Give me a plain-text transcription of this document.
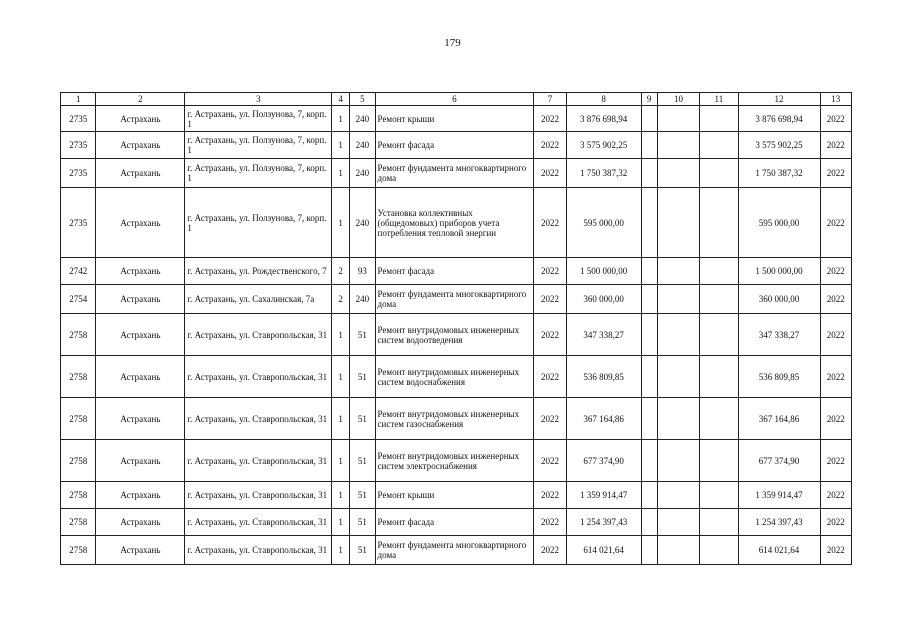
179
1	2	3	4	5	6	7	8	9	10	11	12	13
2735	Астрахань	г. Астрахань, ул. Ползунова, 7, корп. 1	1	240	Ремонт крыши	2022	3 876 698,94				3 876 698,94	2022
2735	Астрахань	г. Астрахань, ул. Ползунова, 7, корп. 1	1	240	Ремонт фасада	2022	3 575 902,25				3 575 902,25	2022
2735	Астрахань	г. Астрахань, ул. Ползунова, 7, корп. 1	1	240	Ремонт фундамента многоквартирного дома	2022	1 750 387,32				1 750 387,32	2022
2735	Астрахань	г. Астрахань, ул. Ползунова, 7, корп. 1	1	240	Установка коллективных (общедомовых) приборов учета потребления тепловой энергии	2022	595 000,00				595 000,00	2022
2742	Астрахань	г. Астрахань, ул. Рождественского, 7	2	93	Ремонт фасада	2022	1 500 000,00				1 500 000,00	2022
2754	Астрахань	г. Астрахань, ул. Сахалинская, 7а	2	240	Ремонт фундамента многоквартирного дома	2022	360 000,00				360 000,00	2022
2758	Астрахань	г. Астрахань, ул. Ставропольская, 31	1	51	Ремонт внутридомовых инженерных систем водоотведения	2022	347 338,27				347 338,27	2022
2758	Астрахань	г. Астрахань, ул. Ставропольская, 31	1	51	Ремонт внутридомовых инженерных систем водоснабжения	2022	536 809,85				536 809,85	2022
2758	Астрахань	г. Астрахань, ул. Ставропольская, 31	1	51	Ремонт внутридомовых инженерных систем газоснабжения	2022	367 164,86				367 164,86	2022
2758	Астрахань	г. Астрахань, ул. Ставропольская, 31	1	51	Ремонт внутридомовых инженерных систем электроснабжения	2022	677 374,90				677 374,90	2022
2758	Астрахань	г. Астрахань, ул. Ставропольская, 31	1	51	Ремонт крыши	2022	1 359 914,47				1 359 914,47	2022
2758	Астрахань	г. Астрахань, ул. Ставропольская, 31	1	51	Ремонт фасада	2022	1 254 397,43				1 254 397,43	2022
2758	Астрахань	г. Астрахань, ул. Ставропольская, 31	1	51	Ремонт фундамента многоквартирного дома	2022	614 021,64				614 021,64	2022
